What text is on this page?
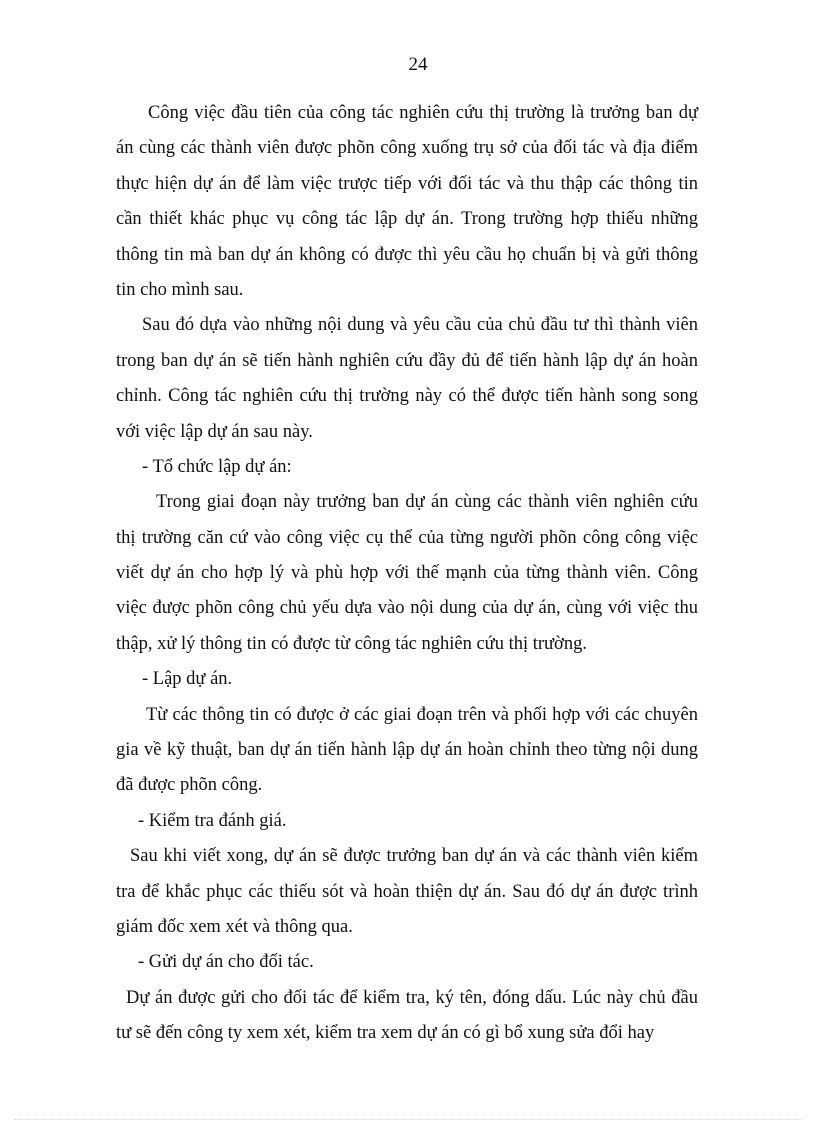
24
Công việc đầu tiên của công tác nghiên cứu thị trường là trưởng ban dự
án cùng các thành viên được phõn công xuống trụ sở của đối tác và địa điểm
thực hiện dự án để làm việc trược tiếp với đối tác và thu thập các thông tin
cần thiết khác phục vụ công tác lập dự án. Trong trường hợp thiếu những
thông tin mà ban dự án không có được thì yêu cầu họ chuẩn bị và gửi thông
tin cho mình sau.
Sau đó dựa vào những nội dung và yêu cầu của chủ đầu tư thì thành viên
trong ban dự án sẽ tiến hành nghiên cứu đầy đủ để tiến hành lập dự án hoàn
chỉnh. Công tác nghiên cứu thị trường này có thể được tiến hành song song
với việc lập dự án sau này.
- Tổ chức lập dự án:
Trong giai đoạn này trưởng ban dự án cùng các thành viên nghiên cứu
thị trường căn cứ vào công việc cụ thể của từng người phõn công công việc
viết dự án cho hợp lý và phù hợp với thế mạnh của từng thành viên. Công
việc được phõn công chủ yếu dựa vào nội dung của dự án, cùng với việc thu
thập, xử lý thông tin có được từ công tác nghiên cứu thị trường.
- Lập dự án.
Từ các thông tin có được ở các giai đoạn trên và phối hợp với các chuyên
gia về kỹ thuật, ban dự án tiến hành lập dự án hoàn chỉnh theo từng nội dung
đã được phõn công.
- Kiểm tra đánh giá.
Sau khi viết xong, dự án sẽ được trưởng ban dự án và các thành viên kiểm
tra để khắc phục các thiếu sót và hoàn thiện dự án. Sau đó dự án được trình
giám đốc xem xét và thông qua.
- Gửi dự án cho đối tác.
Dự án được gửi cho đối tác để kiểm tra, ký tên, đóng dấu. Lúc này chủ đầu
tư sẽ đến công ty xem xét, kiểm tra xem dự án có gì bổ xung sửa đổi hay
